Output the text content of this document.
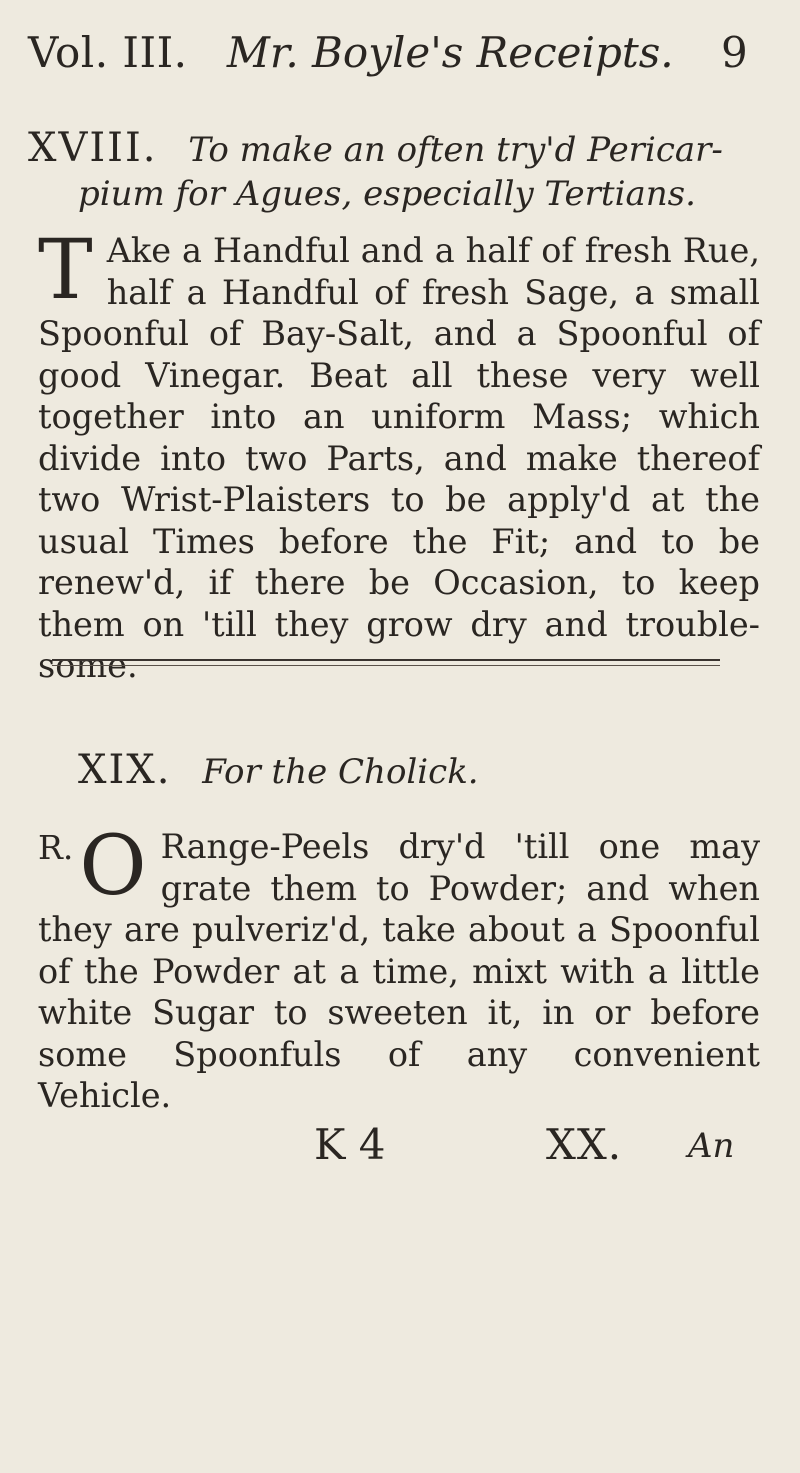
Vol. III. Mr. Boyle's Receipts. 9
XVIII. To make an often try'd Pericar-
pium for Agues, especially Tertians.
T Ake a Handful and a half of fresh Rue, half a Handful of fresh Sage, a small Spoonful of Bay-Salt, and a Spoonful of good Vinegar. Beat all these very well together into an uniform Mass; which divide into two Parts, and make thereof two Wrist-Plaisters to be apply'd at the usual Times before the Fit; and to be renew'd, if there be Occasion, to keep them on 'till they grow dry and trouble-some.
XIX. For the Cholick.
R. O Range-Peels dry'd 'till one may grate them to Powder; and when they are pulveriz'd, take about a Spoonful of the Powder at a time, mixt with a little white Sugar to sweeten it, in or before some Spoonfuls of any convenient Vehicle.
K 4	XX. An
